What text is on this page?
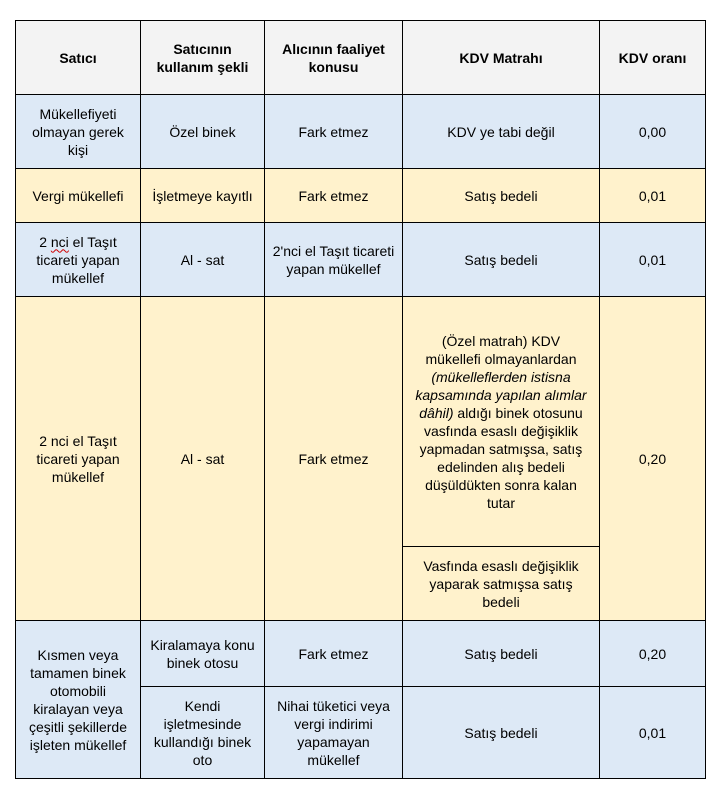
Satıcı	Satıcının kullanım şekli	Alıcının faaliyet konusu	KDV Matrahı	KDV oranı
Mükellefiyeti olmayan gerek kişi	Özel binek	Fark etmez	KDV ye tabi değil	0,00
Vergi mükellefi	İşletmeye kayıtlı	Fark etmez	Satış bedeli	0,01
2 nci el Taşıt ticareti yapan mükellef	Al - sat	2'nci el Taşıt ticareti yapan mükellef	Satış bedeli	0,01
2 nci el Taşıt ticareti yapan mükellef	Al - sat	Fark etmez	(Özel matrah) KDV mükellefi olmayanlardan (mükelleflerden istisna kapsamında yapılan alımlar dâhil) aldığı binek otosunu vasfında esaslı değişiklik yapmadan satmışsa, satış edelinden alış bedeli düşüldükten sonra kalan tutar	0,20
			Vasfında esaslı değişiklik yaparak satmışsa satış bedeli	
Kısmen veya tamamen binek otomobili kiralayan veya çeşitli şekillerde işleten mükellef	Kiralamaya konu binek otosu	Fark etmez	Satış bedeli	0,20
	Kendi işletmesinde kullandığı binek oto	Nihai tüketici veya vergi indirimi yapamayan mükellef	Satış bedeli	0,01
